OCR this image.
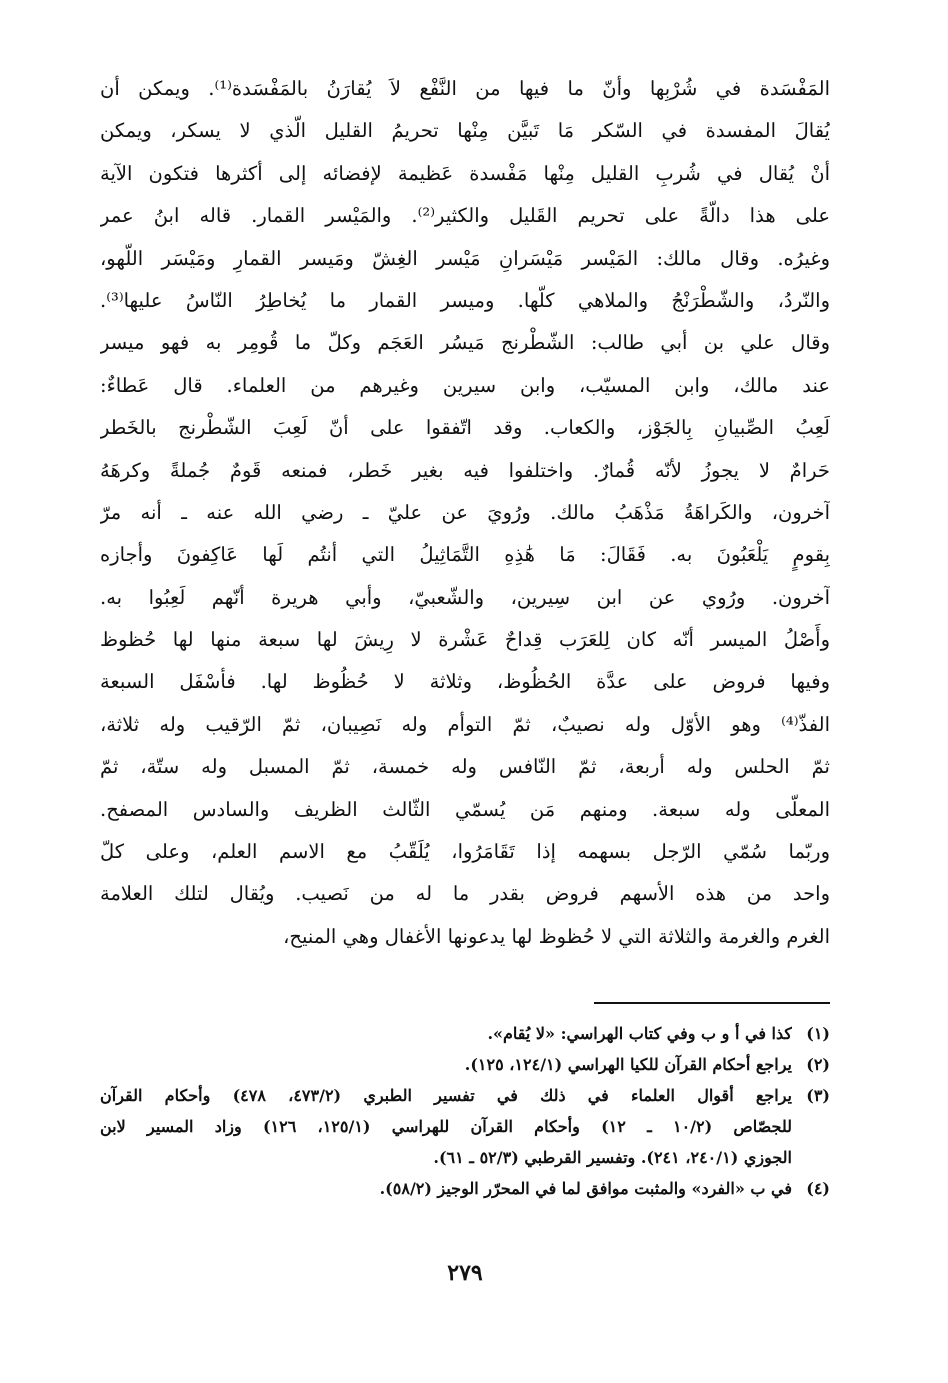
المَفْسَدة في شُرْبِها وأنّ ما فيها من النَّفْع لاَ يُقارَنُ بالمَفْسَدة⁽¹⁾. ويمكن أن
يُقالَ المفسدة في السّكر مَا تَبيَّن مِنْها تحريمُ القليل الّذي لا يسكر، ويمكن
أنْ يُقال في شُربِ القليل مِنْها مَفْسدة عَظيمة لإفضائه إلى أكثرها فتكون الآية
على هذا دالّةً على تحريم القَليل والكثير⁽²⁾. والمَيْسر القمار. قاله ابنُ عمر
وغيرُه. وقال مالك: المَيْسر مَيْسَرانِ مَيْسر الغِشّ ومَيسر القمارِ ومَيْسَر اللّهو،
والنّردُ، والشّطْرَنْجُ والملاهي كلّها. وميسر القمار ما يُخاطِرُ النّاسُ عليها⁽³⁾.
وقال علي بن أبي طالب: الشّطْرنج مَيسُر العَجَم وكلّ ما قُومِر به فهو ميسر
عند مالك، وابن المسيّب، وابن سيرين وغيرهم من العلماء. قال عَطاءٌ:
لَعِبُ الصِّبيانِ بِالجَوْز، والكعاب. وقد اتّفقوا على أنّ لَعِبَ الشّطْرنج بالخَطر
حَرامٌ لا يجوزُ لأنّه قُمارٌ. واختلفوا فيه بغير خَطر، فمنعه قَومٌ جُملةً وكرهَهُ
آخرون، والكَراهَةُ مَذْهَبُ مالك. ورُويَ عن عليّ ـ رضي الله عنه ـ أنه مرّ
بِقومٍ يَلْعَبُونَ به. فَقَالَ: مَا هَٰذِهِ التَّمَاثِيلُ التي أنتُم لَها عَاكِفونَ وأجازه
آخرون. ورُوي عن ابن سِيرين، والشّعبيّ، وأبي هريرة أنّهم لَعِبُوا به.
وأَصْلُ الميسر أنّه كان لِلعَرَب قِداحٌ عَشْرة لا رِيشَ لها سبعة منها لها حُظوظ
وفيها فروض على عدَّة الحُظُوظ، وثلاثة لا حُظُوظ لها. فأسْفَل السبعة
الفذّ⁽⁴⁾ وهو الأوّل وله نصيبٌ، ثمّ التوأم وله نَصِيبان، ثمّ الرّقيب وله ثلاثة،
ثمّ الحلس وله أربعة، ثمّ النّافس وله خمسة، ثمّ المسبل وله ستّة، ثمّ
المعلّى وله سبعة. ومنهم مَن يُسمّي الثّالث الظريف والسادس المصفح.
وربّما سُمّي الرّجل بسهمه إذا تَقَامَرُوا، يُلَقّبُ مع الاسم العلم، وعلى كلّ
واحد من هذه الأسهم فروض بقدر ما له من نَصيب. ويُقال لتلك العلامة
الغرم والغرمة والثلاثة التي لا حُظوظ لها يدعونها الأغفال وهي المنيح،
(١)
كذا في أ و ب وفي كتاب الهراسي: «لا يُقام».
(٢)
يراجع أحكام القرآن للكيا الهراسي (١٢٤/١، ١٢٥).
(٣)
يراجع أقوال العلماء في ذلك في تفسير الطبري (٤٧٣/٢، ٤٧٨) وأحكام القرآن
للجصّاص (١٠/٢ ـ ١٢) وأحكام القرآن للهراسي (١٢٥/١، ١٢٦) وزاد المسير لابن
الجوزي (٢٤٠/١، ٢٤١). وتفسير القرطبي (٥٢/٣ ـ ٦١).
(٤)
في ب «الفرد» والمثبت موافق لما في المحرّر الوجيز (٥٨/٢).
٢٧٩
